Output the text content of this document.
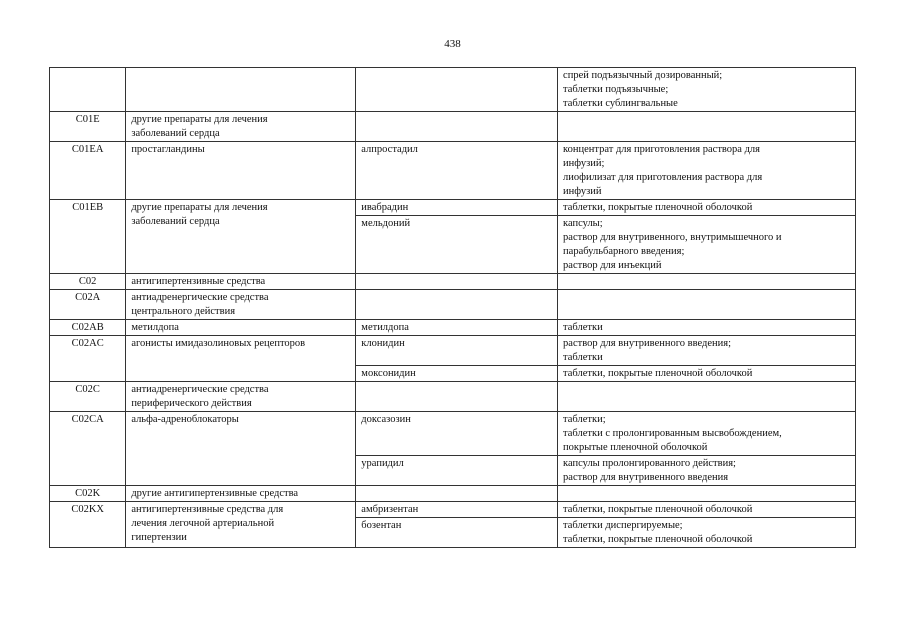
438

			спрей подъязычный дозированный;
таблетки подъязычные;
таблетки сублингвальные

C01E	другие препараты для лечения
заболеваний сердца		

C01EA	простагландины	алпростадил	концентрат для приготовления раствора для
инфузий;
лиофилизат для приготовления раствора для
инфузий

C01EB	другие препараты для лечения
заболеваний сердца	ивабрадин	таблетки, покрытые пленочной оболочкой

		мельдоний	капсулы;
раствор для внутривенного, внутримышечного и
парабульбарного введения;
раствор для инъекций

C02	антигипертензивные средства		

C02A	антиадренергические средства
центрального действия		

C02AB	метилдопа	метилдопа	таблетки

C02AC	агонисты имидазолиновых рецепторов	клонидин	раствор для внутривенного введения;
таблетки

		моксонидин	таблетки, покрытые пленочной оболочкой

C02C	антиадренергические средства
периферического действия		

C02CA	альфа-адреноблокаторы	доксазозин	таблетки;
таблетки с пролонгированным высвобождением,
покрытые пленочной оболочкой

		урапидил	капсулы пролонгированного действия;
раствор для внутривенного введения

C02K	другие антигипертензивные средства		

C02KX	антигипертензивные средства для
лечения легочной артериальной
гипертензии	амбризентан	таблетки, покрытые пленочной оболочкой

		бозентан	таблетки диспергируемые;
таблетки, покрытые пленочной оболочкой
